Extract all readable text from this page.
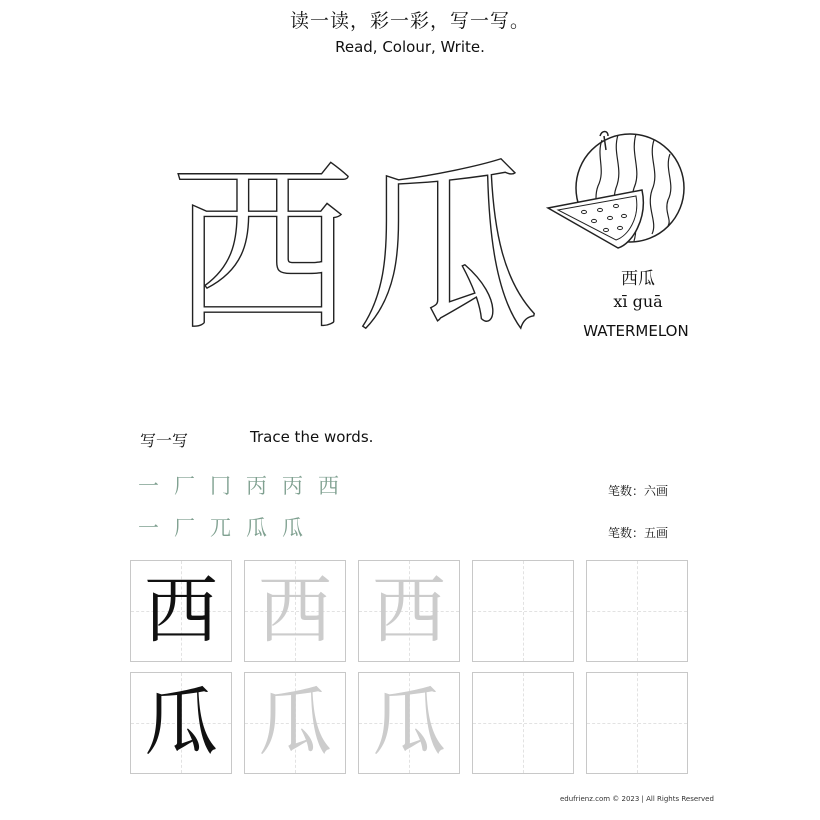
读一读，彩一彩，写一写。
Read, Colour, Write.
西瓜	西瓜
xī guā
WATERMELON
写一写	Trace the words.
一 厂 冂 丙 丙 西
一 厂 兀 瓜 瓜
笔数：六画
笔数：五画
西 西 西
瓜 瓜 瓜
edufrienz.com © 2023 | All Rights Reserved
